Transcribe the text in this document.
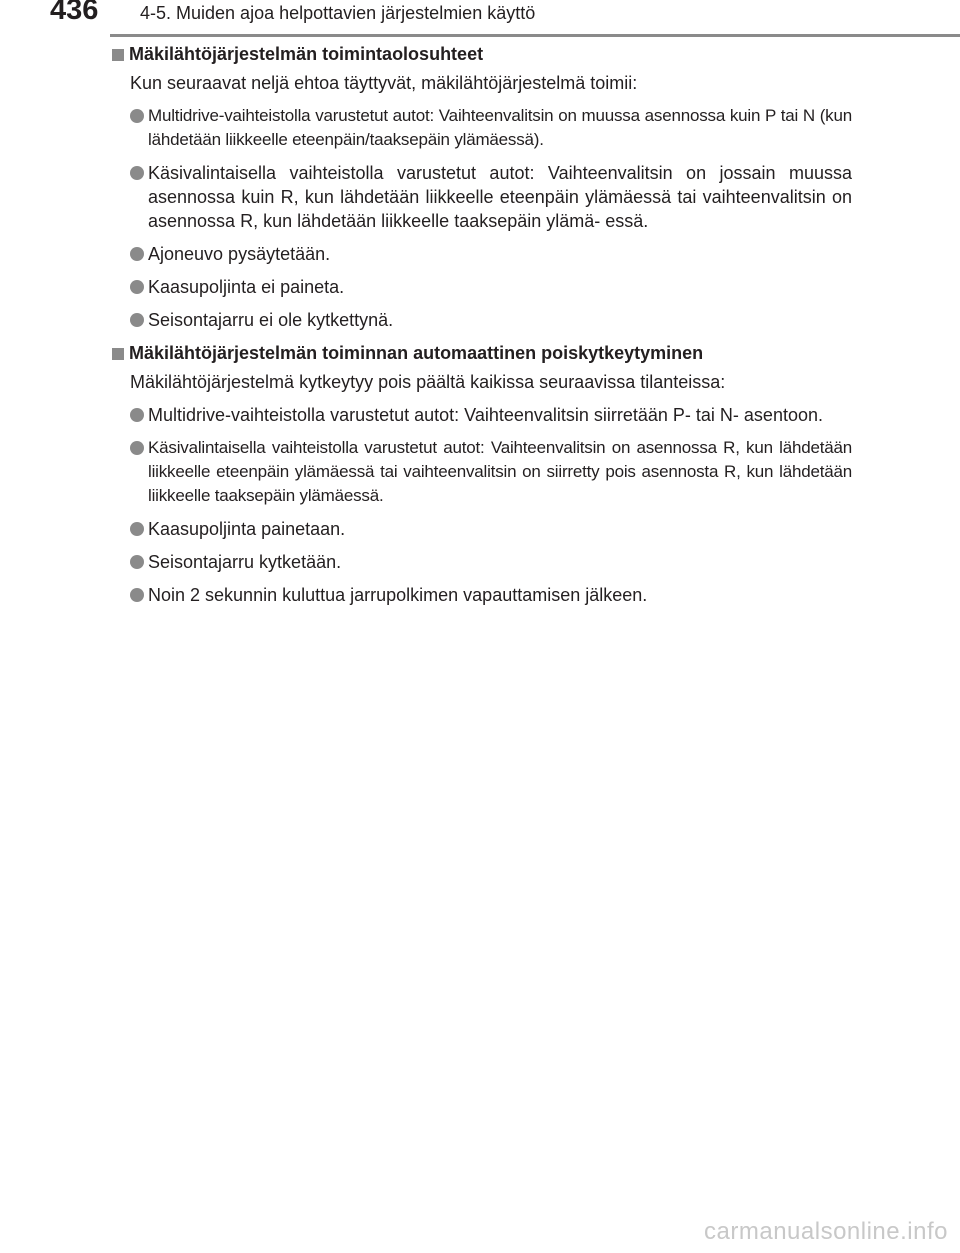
436 4-5. Muiden ajoa helpottavien järjestelmien käyttö
Mäkilähtöjärjestelmän toimintaolosuhteet

Kun seuraavat neljä ehtoa täyttyvät, mäkilähtöjärjestelmä toimii:

Multidrive-vaihteistolla varustetut autot: Vaihteenvalitsin on muussa asennossa kuin P tai N (kun lähdetään liikkeelle eteenpäin/taaksepäin ylämäessä).
Käsivalintaisella vaihteistolla varustetut autot: Vaihteenvalitsin on jossain muussa asennossa kuin R, kun lähdetään liikkeelle eteenpäin ylämäessä tai vaihteenvalitsin on asennossa R, kun lähdetään liikkeelle taaksepäin ylämä- essä.
Ajoneuvo pysäytetään.
Kaasupoljinta ei paineta.
Seisontajarru ei ole kytkettynä.
Mäkilähtöjärjestelmän toiminnan automaattinen poiskytkeytyminen

Mäkilähtöjärjestelmä kytkeytyy pois päältä kaikissa seuraavissa tilanteissa:

Multidrive-vaihteistolla varustetut autot: Vaihteenvalitsin siirretään P- tai N- asentoon.
Käsivalintaisella vaihteistolla varustetut autot: Vaihteenvalitsin on asennossa R, kun lähdetään liikkeelle eteenpäin ylämäessä tai vaihteenvalitsin on siirretty pois asennosta R, kun lähdetään liikkeelle taaksepäin ylämäessä.
Kaasupoljinta painetaan.
Seisontajarru kytketään.
Noin 2 sekunnin kuluttua jarrupolkimen vapauttamisen jälkeen.
carmanualsonline.info
